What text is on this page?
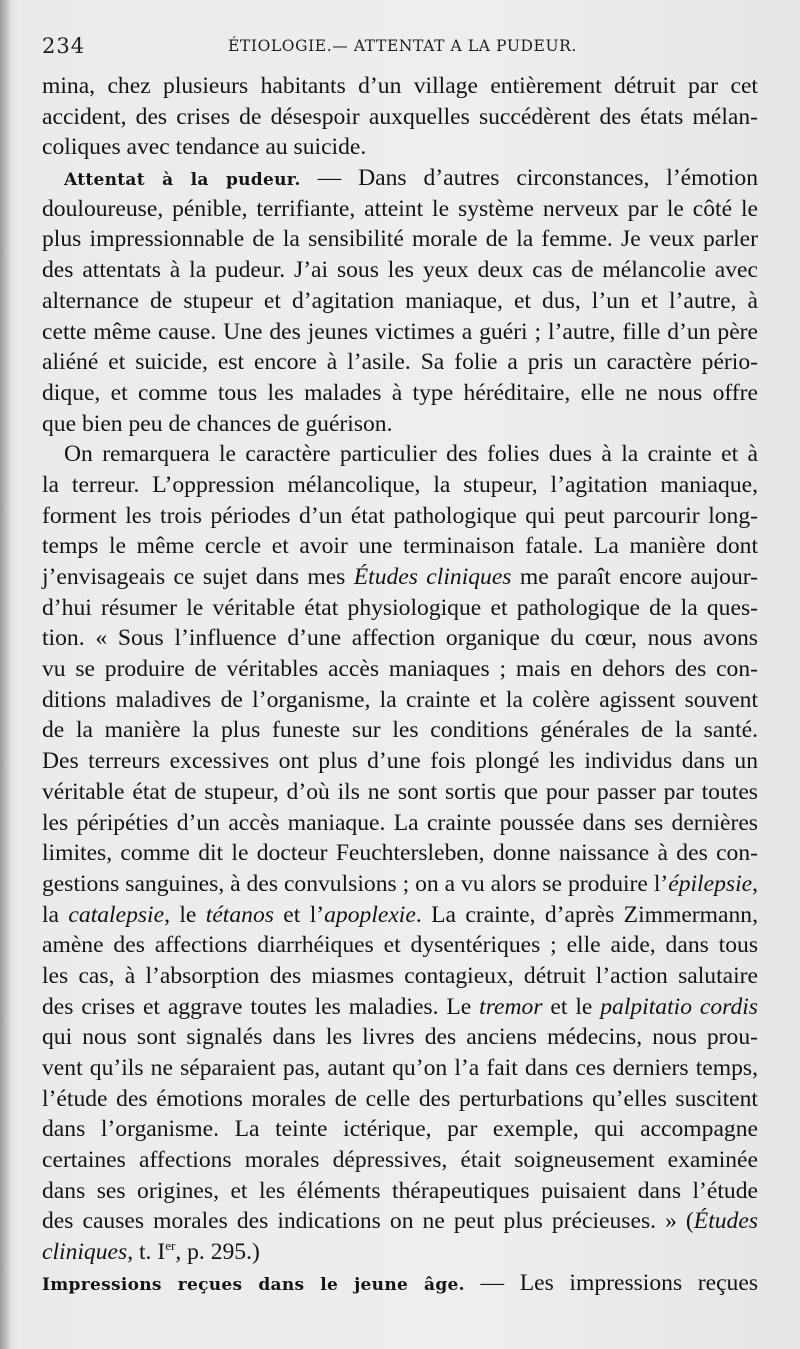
234	ÉTIOLOGIE.— ATTENTAT A LA PUDEUR.
mina, chez plusieurs habitants d’un village entièrement détruit par cet
accident, des crises de désespoir auxquelles succédèrent des états mélan-
coliques avec tendance au suicide.
Attentat à la pudeur. — Dans d’autres circonstances, l’émotion
douloureuse, pénible, terrifiante, atteint le système nerveux par le côté le
plus impressionnable de la sensibilité morale de la femme. Je veux parler
des attentats à la pudeur. J’ai sous les yeux deux cas de mélancolie avec
alternance de stupeur et d’agitation maniaque, et dus, l’un et l’autre, à
cette même cause. Une des jeunes victimes a guéri ; l’autre, fille d’un père
aliéné et suicide, est encore à l’asile. Sa folie a pris un caractère pério-
dique, et comme tous les malades à type héréditaire, elle ne nous offre
que bien peu de chances de guérison.
On remarquera le caractère particulier des folies dues à la crainte et à
la terreur. L’oppression mélancolique, la stupeur, l’agitation maniaque,
forment les trois périodes d’un état pathologique qui peut parcourir long-
temps le même cercle et avoir une terminaison fatale. La manière dont
j’envisageais ce sujet dans mes Études cliniques me paraît encore aujour-
d’hui résumer le véritable état physiologique et pathologique de la ques-
tion. « Sous l’influence d’une affection organique du cœur, nous avons
vu se produire de véritables accès maniaques ; mais en dehors des con-
ditions maladives de l’organisme, la crainte et la colère agissent souvent
de la manière la plus funeste sur les conditions générales de la santé.
Des terreurs excessives ont plus d’une fois plongé les individus dans un
véritable état de stupeur, d’où ils ne sont sortis que pour passer par toutes
les péripéties d’un accès maniaque. La crainte poussée dans ses dernières
limites, comme dit le docteur Feuchtersleben, donne naissance à des con-
gestions sanguines, à des convulsions ; on a vu alors se produire l’épilepsie,
la catalepsie, le tétanos et l’apoplexie. La crainte, d’après Zimmermann,
amène des affections diarrhéiques et dysentériques ; elle aide, dans tous
les cas, à l’absorption des miasmes contagieux, détruit l’action salutaire
des crises et aggrave toutes les maladies. Le tremor et le palpitatio cordis
qui nous sont signalés dans les livres des anciens médecins, nous prou-
vent qu’ils ne séparaient pas, autant qu’on l’a fait dans ces derniers temps,
l’étude des émotions morales de celle des perturbations qu’elles suscitent
dans l’organisme. La teinte ictérique, par exemple, qui accompagne
certaines affections morales dépressives, était soigneusement examinée
dans ses origines, et les éléments thérapeutiques puisaient dans l’étude
des causes morales des indications on ne peut plus précieuses. » (Études
cliniques, t. Ier, p. 295.)
Impressions reçues dans le jeune âge. — Les impressions reçues
